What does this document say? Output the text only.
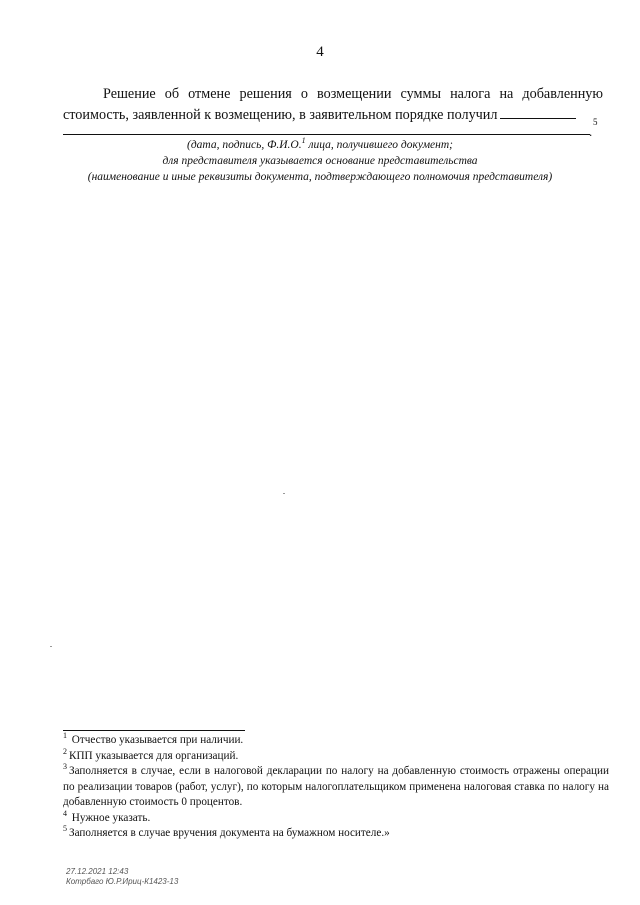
4

Решение об отмене решения о возмещении суммы налога на добавленную
стоимость, заявленной к возмещению, в заявительном порядке получил

.
5
(дата, подпись, Ф.И.О.$^1$ лица, получившего документ;
для представителя указывается основание представительства
(наименование и иные реквизиты документа, подтверждающего полномочия представителя)

$^1$ Отчество указывается при наличии.

$^2$ КПП указывается для организаций.

$^3$ Заполняется в случае, если в налоговой декларации по налогу на добавленную стоимость отражены операции по реализации товаров (работ, услуг), по которым налогоплательщиком применена налоговая ставка по налогу на добавленную стоимость 0 процентов.

$^4$ Нужное указать.

$^5$ Заполняется в случае вручения документа на бумажном носителе.»

27.12.2021 12:43
Котрбаго Ю.Р.Ириц-К1423-13
